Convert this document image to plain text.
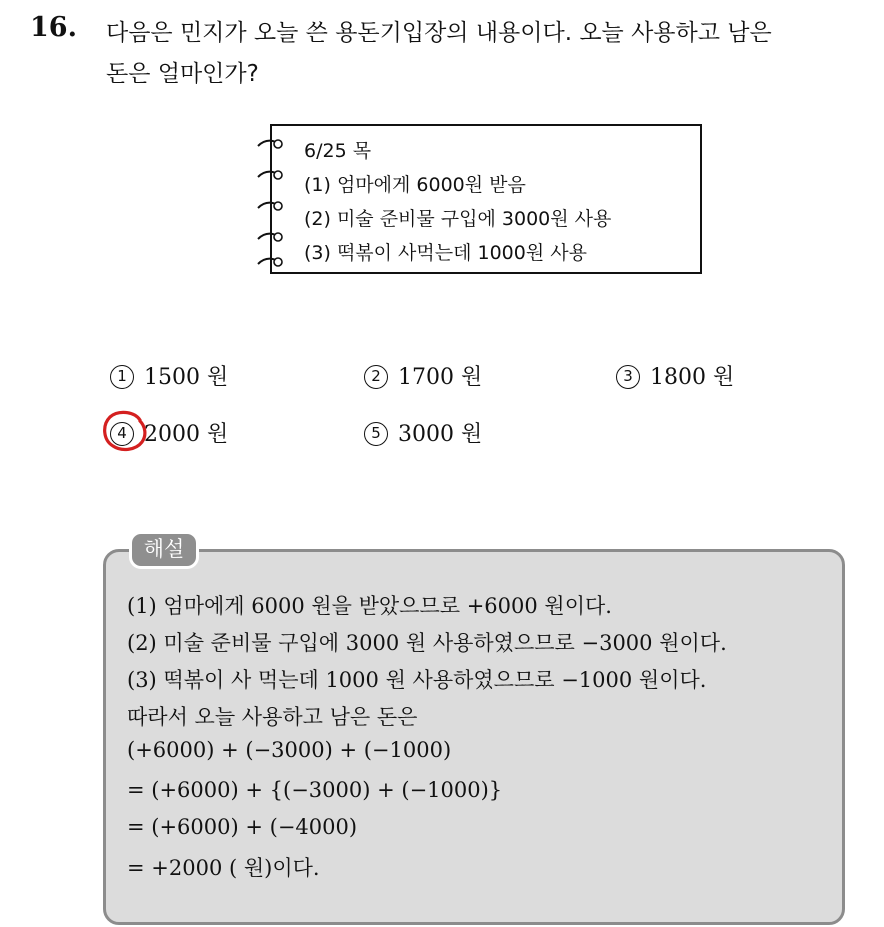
16. 다음은 민지가 오늘 쓴 용돈기입장의 내용이다. 오늘 사용하고 남은
돈은 얼마인가?
6/25 목
(1) 엄마에게 6000원 받음
(2) 미술 준비물 구입에 3000원 사용
(3) 떡볶이 사먹는데 1000원 사용
1 1500 원	2 1700 원	3 1800 원
4 2000 원	5 3000 원
해설
(1) 엄마에게 6000 원을 받았으므로 +6000 원이다.
(2) 미술 준비물 구입에 3000 원 사용하였으므로 −3000 원이다.
(3) 떡볶이 사 먹는데 1000 원 사용하였으므로 −1000 원이다.
따라서 오늘 사용하고 남은 돈은
(+6000) + (−3000) + (−1000)
= (+6000) + {(−3000) + (−1000)}
= (+6000) + (−4000)
= +2000 ( 원)이다.
